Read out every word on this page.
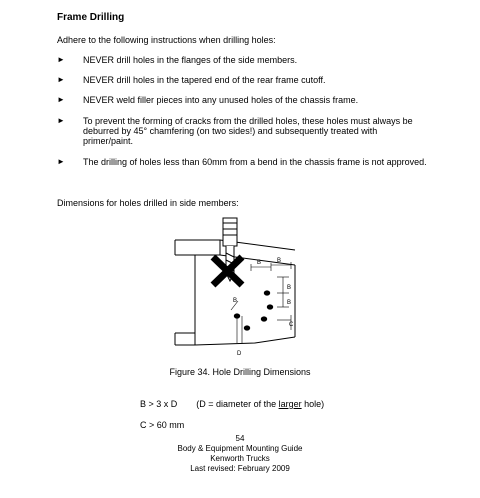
Frame Drilling
Adhere to the following instructions when drilling holes:
► NEVER drill holes in the flanges of the side members.
► NEVER drill holes in the tapered end of the rear frame cutoff.
► NEVER weld filler pieces into any unused holes of the chassis frame.
► To prevent the forming of cracks from the drilled holes, these holes must always be deburred by 45° chamfering (on two sides!) and subsequently treated with primer/paint.
► The drilling of holes less than 60mm from a bend in the chassis frame is not approved.
Dimensions for holes drilled in side members:
B	B
B
B
C
B
D
Figure 34. Hole Drilling Dimensions
B > 3 x D (D = diameter of the larger hole)
C > 60 mm
54
Body & Equipment Mounting Guide
Kenworth Trucks
Last revised: February 2009
